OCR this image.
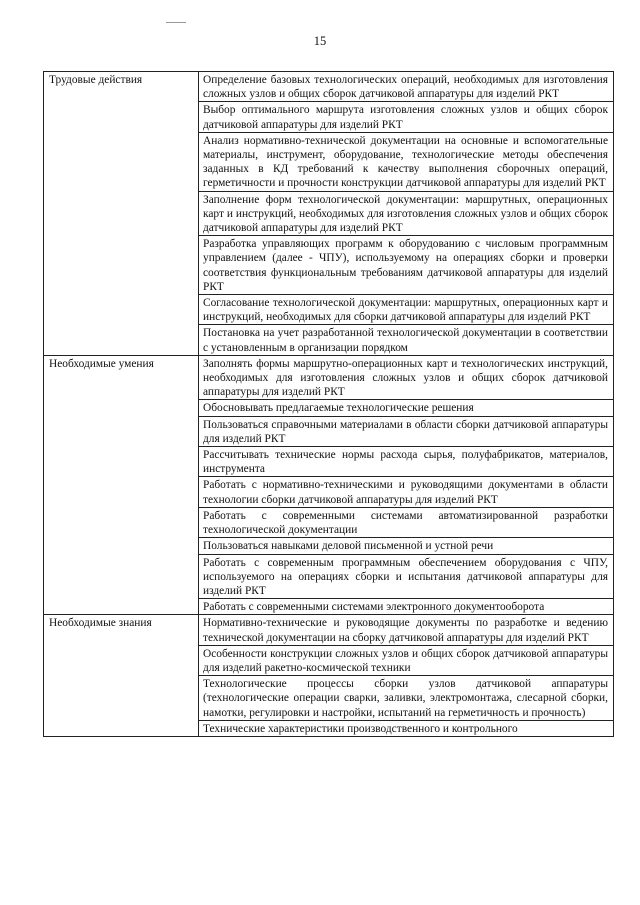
15
Трудовые действия	Определение базовых технологических операций, необходимых для изготовления сложных узлов и общих сборок датчиковой аппаратуры для изделий РКТ
	Выбор оптимального маршрута изготовления сложных узлов и общих сборок датчиковой аппаратуры для изделий РКТ
	Анализ нормативно-технической документации на основные и вспомогательные материалы, инструмент, оборудование, технологические методы обеспечения заданных в КД требований к качеству выполнения сборочных операций, герметичности и прочности конструкции датчиковой аппаратуры для изделий РКТ
	Заполнение форм технологической документации: маршрутных, операционных карт и инструкций, необходимых для изготовления сложных узлов и общих сборок датчиковой аппаратуры для изделий РКТ
	Разработка управляющих программ к оборудованию с числовым программным управлением (далее - ЧПУ), используемому на операциях сборки и проверки соответствия функциональным требованиям датчиковой аппаратуры для изделий РКТ
	Согласование технологической документации: маршрутных, операционных карт и инструкций, необходимых для сборки датчиковой аппаратуры для изделий РКТ
	Постановка на учет разработанной технологической документации в соответствии с установленным в организации порядком
Необходимые умения	Заполнять формы маршрутно-операционных карт и технологических инструкций, необходимых для изготовления сложных узлов и общих сборок датчиковой аппаратуры для изделий РКТ
	Обосновывать предлагаемые технологические решения
	Пользоваться справочными материалами в области сборки датчиковой аппаратуры для изделий РКТ
	Рассчитывать технические нормы расхода сырья, полуфабрикатов, материалов, инструмента
	Работать с нормативно-техническими и руководящими документами в области технологии сборки датчиковой аппаратуры для изделий РКТ
	Работать с современными системами автоматизированной разработки технологической документации
	Пользоваться навыками деловой письменной и устной речи
	Работать с современным программным обеспечением оборудования с ЧПУ, используемого на операциях сборки и испытания датчиковой аппаратуры для изделий РКТ
	Работать с современными системами электронного документооборота
Необходимые знания	Нормативно-технические и руководящие документы по разработке и ведению технической документации на сборку датчиковой аппаратуры для изделий РКТ
	Особенности конструкции сложных узлов и общих сборок датчиковой аппаратуры для изделий ракетно-космической техники
	Технологические процессы сборки узлов датчиковой аппаратуры (технологические операции сварки, заливки, электромонтажа, слесарной сборки, намотки, регулировки и настройки, испытаний на герметичность и прочность)
	Технические характеристики производственного и контрольного
